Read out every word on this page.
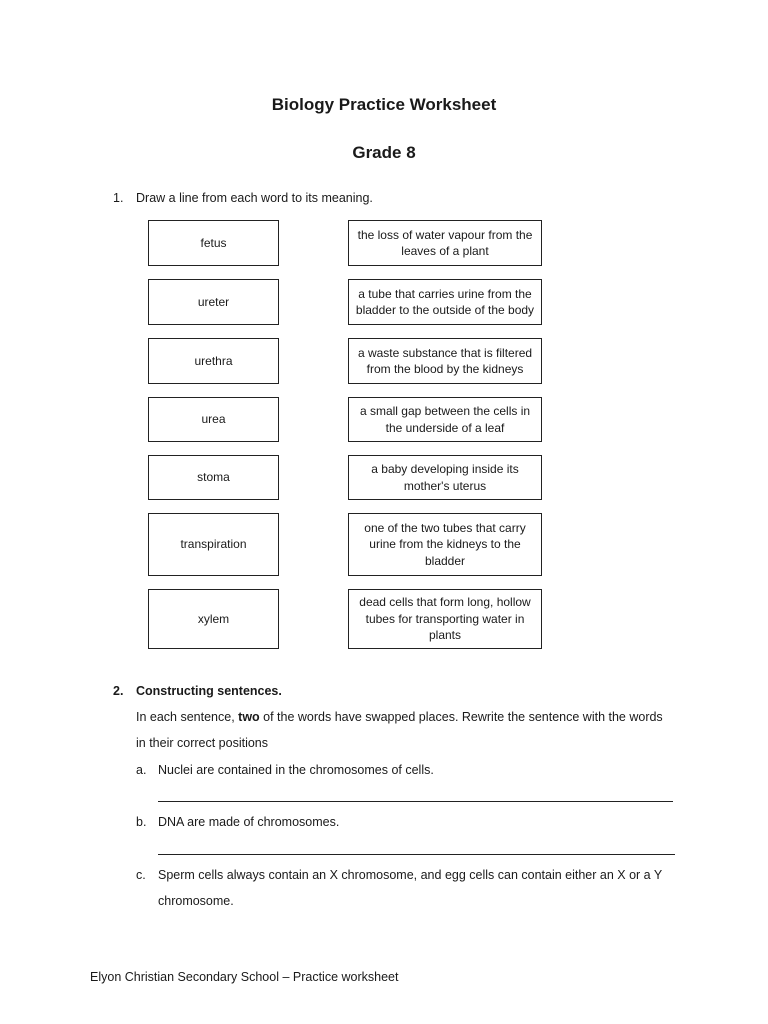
Biology Practice Worksheet
Grade 8
1. Draw a line from each word to its meaning.
fetus
ureter
urethra
urea
stoma
transpiration
xylem
the loss of water vapour from the leaves of a plant
a tube that carries urine from the bladder to the outside of the body
a waste substance that is filtered from the blood by the kidneys
a small gap between the cells in the underside of a leaf
a baby developing inside its mother's uterus
one of the two tubes that carry urine from the kidneys to the bladder
dead cells that form long, hollow tubes for transporting water in plants
2. Constructing sentences.
In each sentence, two of the words have swapped places. Rewrite the sentence with the words
in their correct positions
a. Nuclei are contained in the chromosomes of cells.
b. DNA are made of chromosomes.
c. Sperm cells always contain an X chromosome, and egg cells can contain either an X or a Y
chromosome.
Elyon Christian Secondary School – Practice worksheet
